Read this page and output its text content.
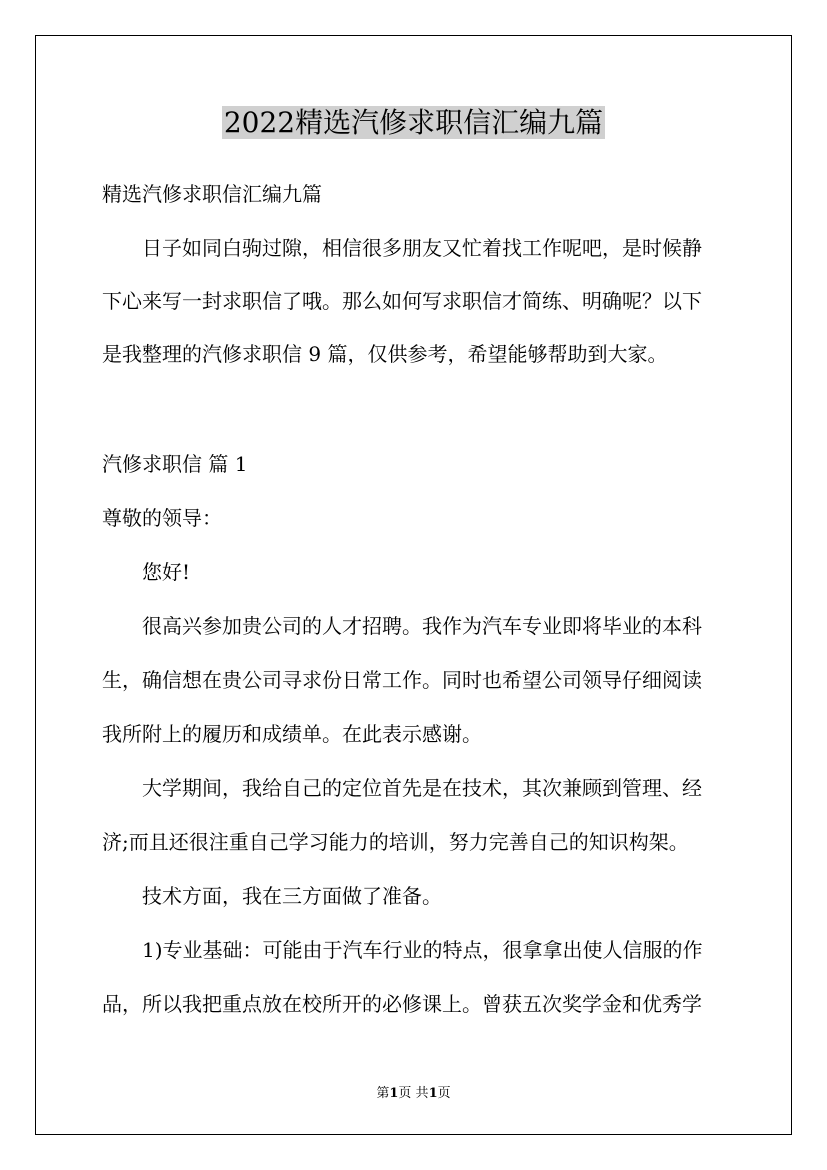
2022精选汽修求职信汇编九篇

精选汽修求职信汇编九篇

　　日子如同白驹过隙，相信很多朋友又忙着找工作呢吧，是时候静

下心来写一封求职信了哦。那么如何写求职信才简练、明确呢？以下

是我整理的汽修求职信 9 篇，仅供参考，希望能够帮助到大家。

汽修求职信 篇 1

尊敬的领导：

　　您好!

　　很高兴参加贵公司的人才招聘。我作为汽车专业即将毕业的本科

生，确信想在贵公司寻求份日常工作。同时也希望公司领导仔细阅读

我所附上的履历和成绩单。在此表示感谢。

　　大学期间，我给自己的定位首先是在技术，其次兼顾到管理、经

济;而且还很注重自己学习能力的培训，努力完善自己的知识构架。

　　技术方面，我在三方面做了准备。

　　1)专业基础：可能由于汽车行业的特点，很拿拿出使人信服的作

品，所以我把重点放在校所开的必修课上。曾获五次奖学金和优秀学

第1页 共1页
